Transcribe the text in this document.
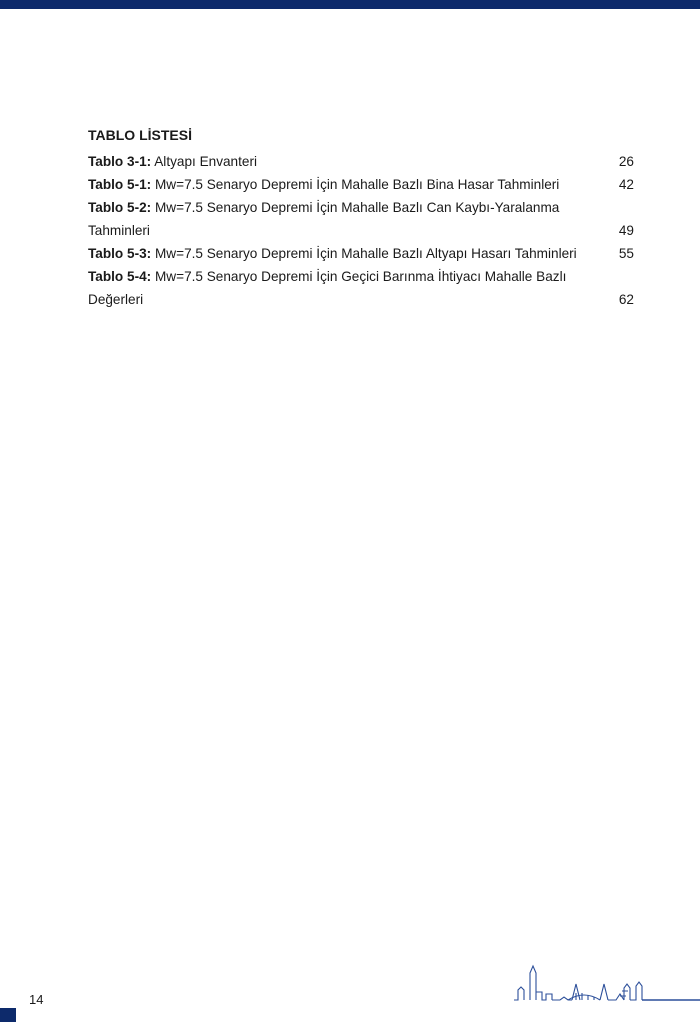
TABLO LİSTESİ
Tablo 3-1: Altyapı Envanteri	26
Tablo 5-1: Mw=7.5 Senaryo Depremi İçin Mahalle Bazlı Bina Hasar Tahminleri	42
Tablo 5-2: Mw=7.5 Senaryo Depremi İçin Mahalle Bazlı Can Kaybı-Yaralanma
Tahminleri	49
Tablo 5-3: Mw=7.5 Senaryo Depremi İçin Mahalle Bazlı Altyapı Hasarı Tahminleri	55
Tablo 5-4: Mw=7.5 Senaryo Depremi İçin Geçici Barınma İhtiyacı Mahalle Bazlı
Değerleri	62
14
